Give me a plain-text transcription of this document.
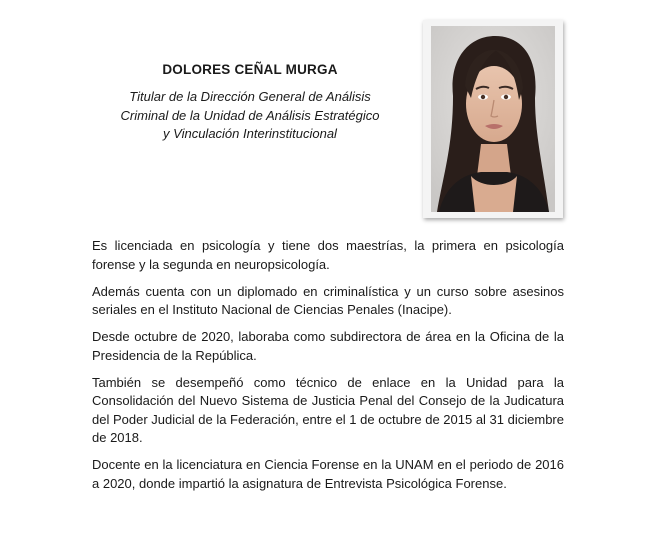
DOLORES CEÑAL MURGA
Titular de la Dirección General de Análisis
Criminal de la Unidad de Análisis Estratégico
y Vinculación Interinstitucional

Es licenciada en psicología y tiene dos maestrías, la primera en psicología forense y la segunda en neuropsicología.

Además cuenta con un diplomado en criminalística y un curso sobre asesinos seriales en el Instituto Nacional de Ciencias Penales (Inacipe).

Desde octubre de 2020, laboraba como subdirectora de área en la Oficina de la Presidencia de la República.

También se desempeñó como técnico de enlace en la Unidad para la Consolidación del Nuevo Sistema de Justicia Penal del Consejo de la Judicatura del Poder Judicial de la Federación, entre el 1 de octubre de 2015 al 31 diciembre de 2018.

Docente en la licenciatura en Ciencia Forense en la UNAM en el periodo de 2016 a 2020, donde impartió la asignatura de Entrevista Psicológica Forense.
